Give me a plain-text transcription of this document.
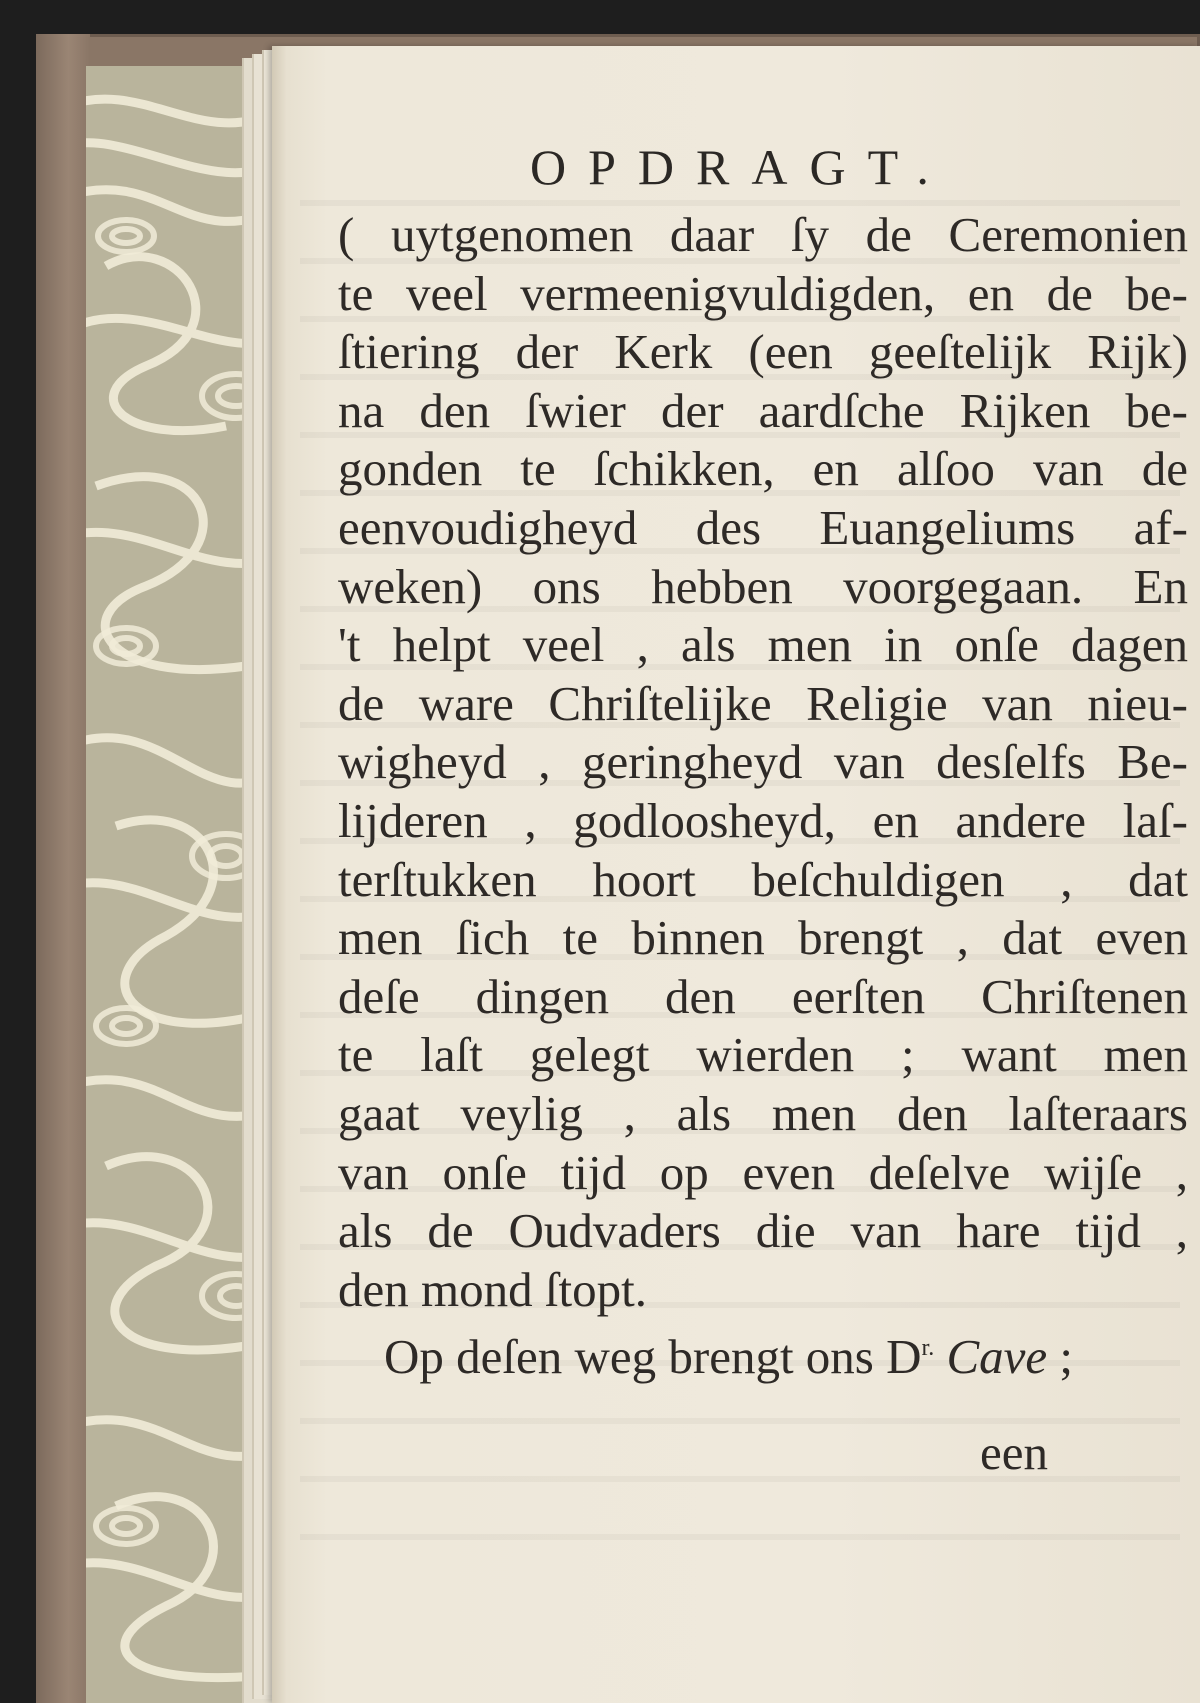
OPDRAGT.
( uytgenomen daar ſy de Ceremonien
te veel vermeenigvuldigden, en de be-
ſtiering der Kerk (een geeſtelijk Rijk)
na den ſwier der aardſche Rijken be-
gonden te ſchikken, en alſoo van de
eenvoudigheyd des Euangeliums af-
weken) ons hebben voorgegaan. En
't helpt veel , als men in onſe dagen
de ware Chriſtelijke Religie van nieu-
wigheyd , geringheyd van desſelfs Be-
lijderen , godloosheyd, en andere laſ-
terſtukken hoort beſchuldigen , dat
men ſich te binnen brengt , dat even
deſe dingen den eerſten Chriſtenen
te laſt gelegt wierden ; want men
gaat veylig , als men den laſteraars
van onſe tijd op even deſelve wijſe ,
als de Oudvaders die van hare tijd ,
den mond ſtopt.
Op deſen weg brengt ons $D^{r.}$ Cave ;
een
